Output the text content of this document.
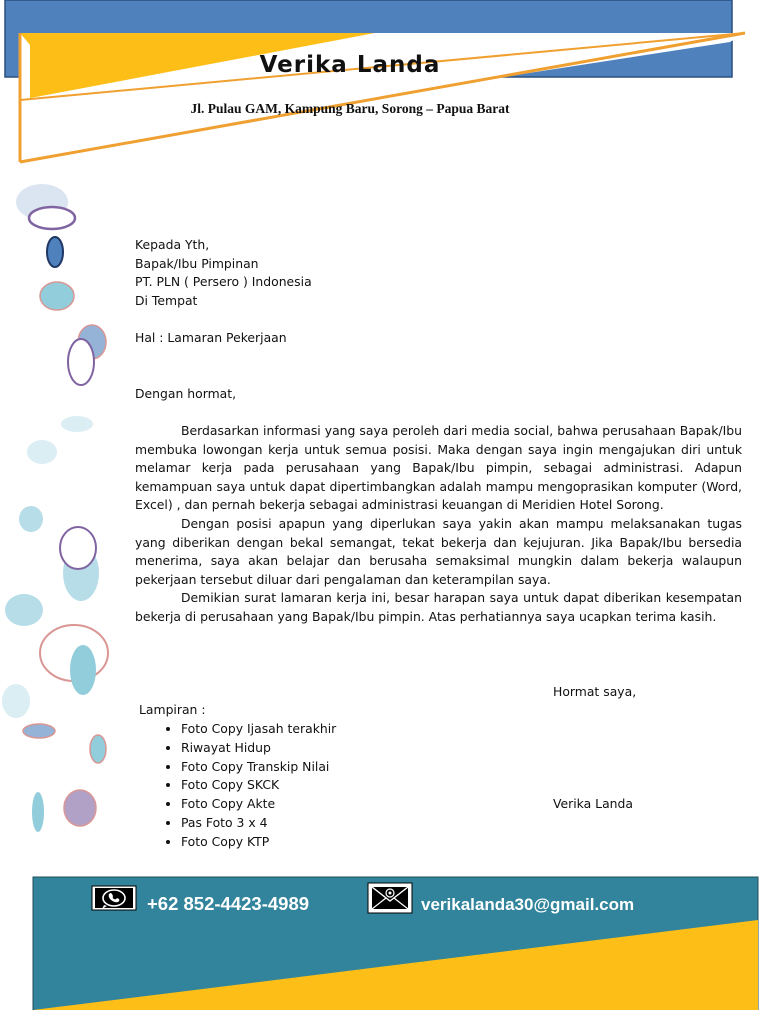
Verika Landa
Jl. Pulau GAM, Kampung Baru, Sorong – Papua Barat
Kepada Yth,
Bapak/Ibu Pimpinan
PT. PLN ( Persero ) Indonesia
Di Tempat
Hal : Lamaran Pekerjaan
Dengan hormat,

Berdasarkan informasi yang saya peroleh dari media social, bahwa perusahaan Bapak/Ibu membuka lowongan kerja untuk semua posisi. Maka dengan saya ingin mengajukan diri untuk melamar kerja pada perusahaan yang Bapak/Ibu pimpin, sebagai administrasi. Adapun kemampuan saya untuk dapat dipertimbangkan adalah mampu mengoprasikan komputer (Word, Excel) , dan pernah bekerja sebagai administrasi keuangan di Meridien Hotel Sorong.

Dengan posisi apapun yang diperlukan saya yakin akan mampu melaksanakan tugas yang diberikan dengan bekal semangat, tekat bekerja dan kejujuran. Jika Bapak/Ibu bersedia menerima, saya akan belajar dan berusaha semaksimal mungkin dalam bekerja walaupun pekerjaan tersebut diluar dari pengalaman dan keterampilan saya.

Demikian surat lamaran kerja ini, besar harapan saya untuk dapat diberikan kesempatan bekerja di perusahaan yang Bapak/Ibu pimpin. Atas perhatiannya saya ucapkan terima kasih.

Hormat saya,
Verika Landa
Lampiran :
• Foto Copy Ijasah terakhir
• Riwayat Hidup
• Foto Copy Transkip Nilai
• Foto Copy SKCK
• Foto Copy Akte
• Pas Foto 3 x 4
• Foto Copy KTP
+62 852-4423-4989	verikalanda30@gmail.com
